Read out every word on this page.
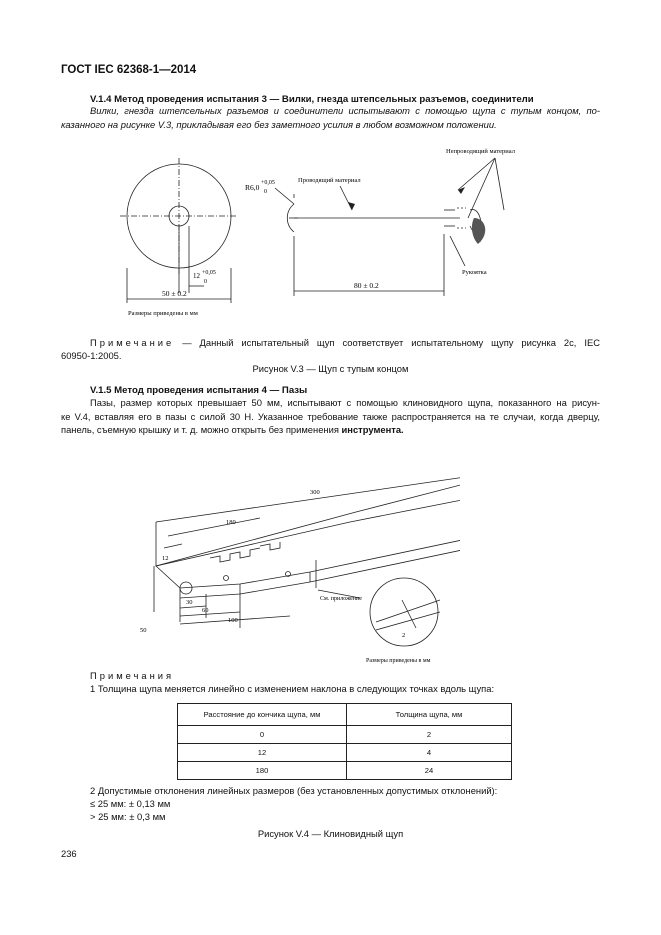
ГОСТ IEC 62368-1—2014
V.1.4 Метод проведения испытания 3 — Вилки, гнезда штепсельных разъемов, соединители
Вилки, гнезда штепсельных разъемов и соединители испытывают с помощью щупа с тупым концом, по-
казанного на рисунке V.3, прикладывая его без заметного усилия в любом возможном положении.
R6,0 +0,05
0
Проводящий материал
Непроводящий материал
12 +0,05
0
50 ± 0.2
80 ± 0.2
Рукоятка
Размеры приведены в мм
Примечание — Данный испытательный щуп соответствует испытательному щупу рисунка 2c, IEC
60950-1:2005.
Рисунок V.3 — Щуп с тупым концом
V.1.5 Метод проведения испытания 4 — Пазы
Пазы, размер которых превышает 50 мм, испытывают с помощью клиновидного щупа, показанного на рисун-
ке V.4, вставляя его в пазы с силой 30 Н. Указанное требование также распространяется на те случаи, когда дверцу,
панель, съемную крышку и т. д. можно открыть без применения инструмента.
300
180
12
50
30
60
100
См. приложение
2
Размеры приведены в мм
Примечания
1 Толщина щупа меняется линейно с изменением наклона в следующих точках вдоль щупа:
Расстояние до кончика щупа, мм	Толщина щупа, мм
0	2
12	4
180	24
2 Допустимые отклонения линейных размеров (без установленных допустимых отклонений):
≤ 25 мм: ± 0,13 мм
> 25 мм: ± 0,3 мм
Рисунок V.4 — Клиновидный щуп
236
